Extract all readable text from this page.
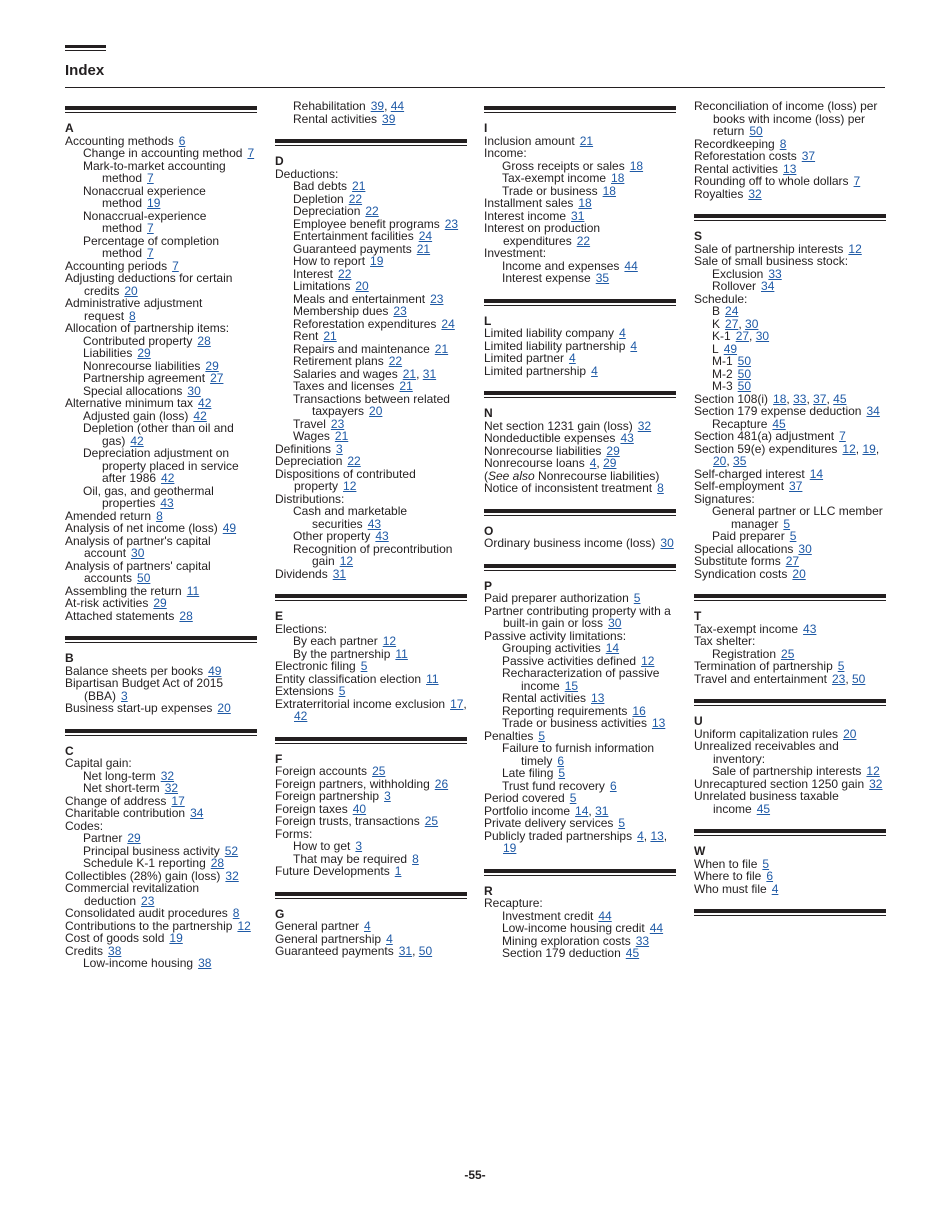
Index
A
Accounting methods 6
Change in accounting method 7
Mark-to-market accounting method 7
Nonaccrual experience method 19
Nonaccrual-experience method 7
Percentage of completion method 7
Accounting periods 7
Adjusting deductions for certain credits 20
Administrative adjustment request 8
Allocation of partnership items:
Contributed property 28
Liabilities 29
Nonrecourse liabilities 29
Partnership agreement 27
Special allocations 30
Alternative minimum tax 42
Adjusted gain (loss) 42
Depletion (other than oil and gas) 42
Depreciation adjustment on property placed in service after 1986 42
Oil, gas, and geothermal properties 43
Amended return 8
Analysis of net income (loss) 49
Analysis of partner's capital account 30
Analysis of partners' capital accounts 50
Assembling the return 11
At-risk activities 29
Attached statements 28
B
Balance sheets per books 49
Bipartisan Budget Act of 2015 (BBA) 3
Business start-up expenses 20
C
Capital gain:
Net long-term 32
Net short-term 32
Change of address 17
Charitable contribution 34
Codes:
Partner 29
Principal business activity 52
Schedule K-1 reporting 28
Collectibles (28%) gain (loss) 32
Commercial revitalization deduction 23
Consolidated audit procedures 8
Contributions to the partnership 12
Cost of goods sold 19
Credits 38
Low-income housing 38
Rehabilitation 39, 44
Rental activities 39
D
Deductions:
Bad debts 21
Depletion 22
Depreciation 22
Employee benefit programs 23
Entertainment facilities 24
Guaranteed payments 21
How to report 19
Interest 22
Limitations 20
Meals and entertainment 23
Membership dues 23
Reforestation expenditures 24
Rent 21
Repairs and maintenance 21
Retirement plans 22
Salaries and wages 21, 31
Taxes and licenses 21
Transactions between related taxpayers 20
Travel 23
Wages 21
Definitions 3
Depreciation 22
Dispositions of contributed property 12
Distributions:
Cash and marketable securities 43
Other property 43
Recognition of precontribution gain 12
Dividends 31
E
Elections:
By each partner 12
By the partnership 11
Electronic filing 5
Entity classification election 11
Extensions 5
Extraterritorial income exclusion 17, 42
F
Foreign accounts 25
Foreign partners, withholding 26
Foreign partnership 3
Foreign taxes 40
Foreign trusts, transactions 25
Forms:
How to get 3
That may be required 8
Future Developments 1
G
General partner 4
General partnership 4
Guaranteed payments 31, 50
I
Inclusion amount 21
Income:
Gross receipts or sales 18
Tax-exempt income 18
Trade or business 18
Installment sales 18
Interest income 31
Interest on production expenditures 22
Investment:
Income and expenses 44
Interest expense 35
L
Limited liability company 4
Limited liability partnership 4
Limited partner 4
Limited partnership 4
N
Net section 1231 gain (loss) 32
Nondeductible expenses 43
Nonrecourse liabilities 29
Nonrecourse loans 4, 29
(See also Nonrecourse liabilities)
Notice of inconsistent treatment 8
O
Ordinary business income (loss) 30
P
Paid preparer authorization 5
Partner contributing property with a built-in gain or loss 30
Passive activity limitations:
Grouping activities 14
Passive activities defined 12
Recharacterization of passive income 15
Rental activities 13
Reporting requirements 16
Trade or business activities 13
Penalties 5
Failure to furnish information timely 6
Late filing 5
Trust fund recovery 6
Period covered 5
Portfolio income 14, 31
Private delivery services 5
Publicly traded partnerships 4, 13, 19
R
Recapture:
Investment credit 44
Low-income housing credit 44
Mining exploration costs 33
Section 179 deduction 45
Reconciliation of income (loss) per books with income (loss) per return 50
Recordkeeping 8
Reforestation costs 37
Rental activities 13
Rounding off to whole dollars 7
Royalties 32
S
Sale of partnership interests 12
Sale of small business stock:
Exclusion 33
Rollover 34
Schedule:
B 24
K 27, 30
K-1 27, 30
L 49
M-1 50
M-2 50
M-3 50
Section 108(i) 18, 33, 37, 45
Section 179 expense deduction 34
Recapture 45
Section 481(a) adjustment 7
Section 59(e) expenditures 12, 19, 20, 35
Self-charged interest 14
Self-employment 37
Signatures:
General partner or LLC member manager 5
Paid preparer 5
Special allocations 30
Substitute forms 27
Syndication costs 20
T
Tax-exempt income 43
Tax shelter:
Registration 25
Termination of partnership 5
Travel and entertainment 23, 50
U
Uniform capitalization rules 20
Unrealized receivables and inventory:
Sale of partnership interests 12
Unrecaptured section 1250 gain 32
Unrelated business taxable income 45
W
When to file 5
Where to file 6
Who must file 4
-55-
